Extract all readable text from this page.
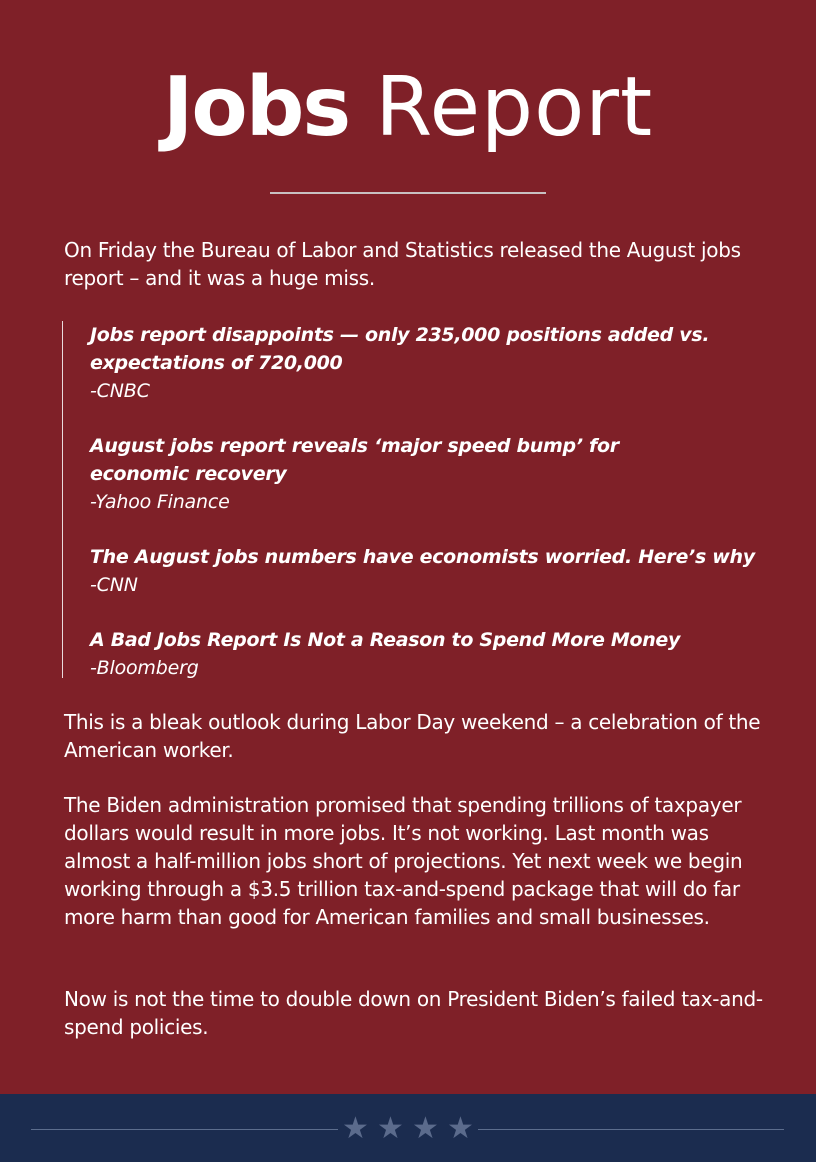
Jobs Report
On Friday the Bureau of Labor and Statistics released the August jobs report – and it was a huge miss.
Jobs report disappoints — only 235,000 positions added vs. expectations of 720,000
-CNBC
August jobs report reveals ‘major speed bump’ for economic recovery
-Yahoo Finance
The August jobs numbers have economists worried. Here’s why
-CNN
A Bad Jobs Report Is Not a Reason to Spend More Money
-Bloomberg
This is a bleak outlook during Labor Day weekend – a celebration of the American worker.
The Biden administration promised that spending trillions of taxpayer dollars would result in more jobs. It’s not working. Last month was almost a half-million jobs short of projections. Yet next week we begin working through a $3.5 trillion tax-and-spend package that will do far more harm than good for American families and small businesses.
Now is not the time to double down on President Biden’s failed tax-and-spend policies.
★ ★ ★ ★
